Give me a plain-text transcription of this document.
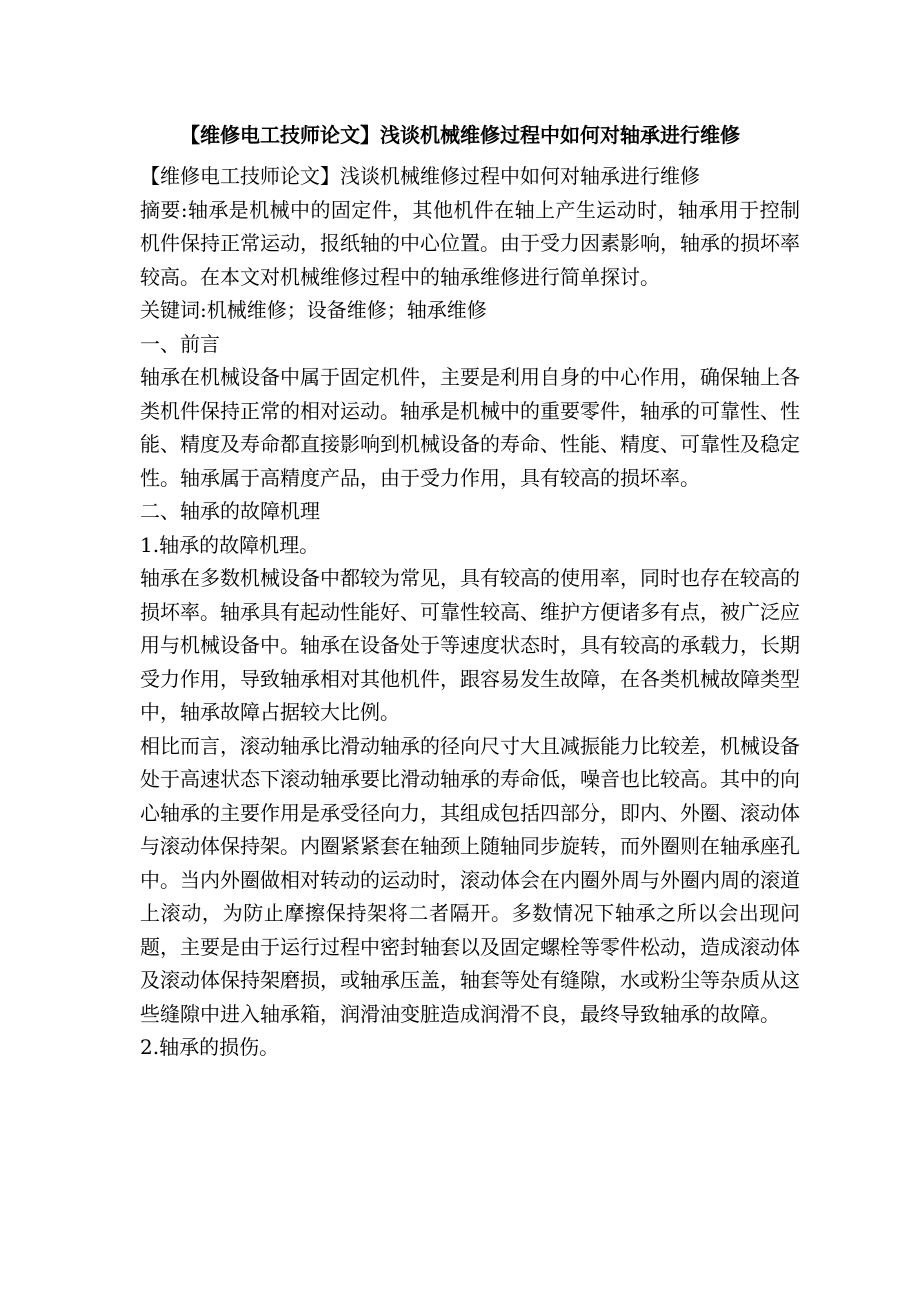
【维修电工技师论文】浅谈机械维修过程中如何对轴承进行维修

【维修电工技师论文】浅谈机械维修过程中如何对轴承进行维修

摘要:轴承是机械中的固定件，其他机件在轴上产生运动时，轴承用于控制机件保持正常运动，报纸轴的中心位置。由于受力因素影响，轴承的损坏率较高。在本文对机械维修过程中的轴承维修进行简单探讨。

关键词:机械维修；设备维修；轴承维修

一、前言

轴承在机械设备中属于固定机件，主要是利用自身的中心作用，确保轴上各类机件保持正常的相对运动。轴承是机械中的重要零件，轴承的可靠性、性能、精度及寿命都直接影响到机械设备的寿命、性能、精度、可靠性及稳定性。轴承属于高精度产品，由于受力作用，具有较高的损坏率。

二、轴承的故障机理

1.轴承的故障机理。

轴承在多数机械设备中都较为常见，具有较高的使用率，同时也存在较高的损坏率。轴承具有起动性能好、可靠性较高、维护方便诸多有点，被广泛应用与机械设备中。轴承在设备处于等速度状态时，具有较高的承载力，长期受力作用，导致轴承相对其他机件，跟容易发生故障，在各类机械故障类型中，轴承故障占据较大比例。

相比而言，滚动轴承比滑动轴承的径向尺寸大且减振能力比较差，机械设备处于高速状态下滚动轴承要比滑动轴承的寿命低，噪音也比较高。其中的向心轴承的主要作用是承受径向力，其组成包括四部分，即内、外圈、滚动体与滚动体保持架。内圈紧紧套在轴颈上随轴同步旋转，而外圈则在轴承座孔中。当内外圈做相对转动的运动时，滚动体会在内圈外周与外圈内周的滚道上滚动，为防止摩擦保持架将二者隔开。多数情况下轴承之所以会出现问题，主要是由于运行过程中密封轴套以及固定螺栓等零件松动，造成滚动体及滚动体保持架磨损，或轴承压盖，轴套等处有缝隙，水或粉尘等杂质从这些缝隙中进入轴承箱，润滑油变脏造成润滑不良，最终导致轴承的故障。

2.轴承的损伤。
